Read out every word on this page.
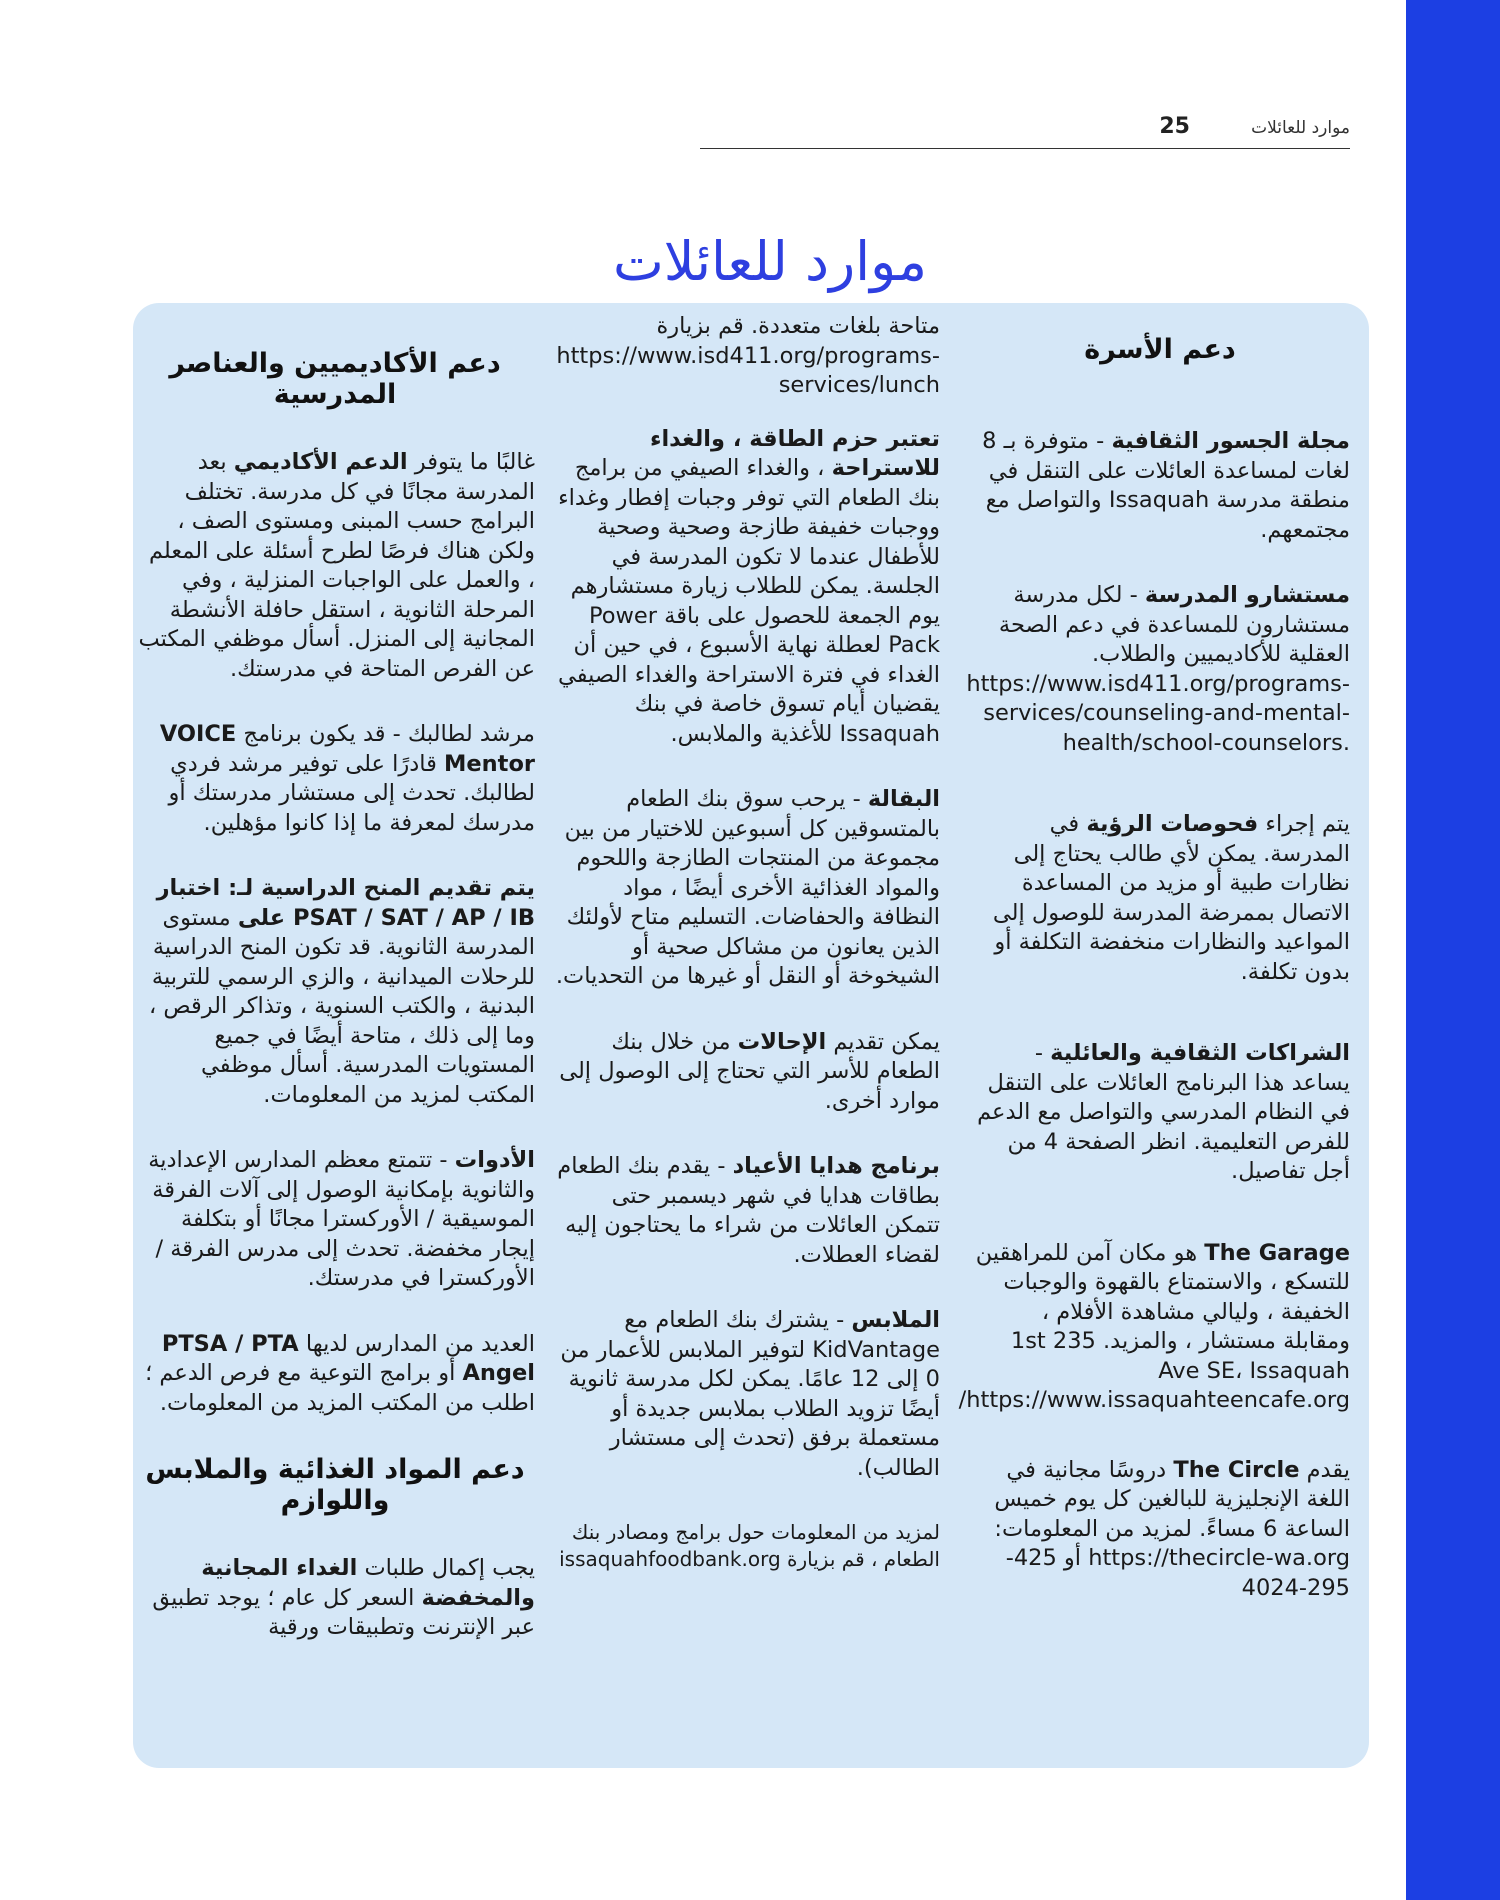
موارد للعائلات
25
موارد للعائلات
دعم الأسرة

مجلة الجسور الثقافية - متوفرة بـ 8 لغات لمساعدة العائلات على التنقل في منطقة مدرسة Issaquah والتواصل مع مجتمعهم.

مستشارو المدرسة - لكل مدرسة مستشارون للمساعدة في دعم الصحة العقلية للأكاديميين والطلاب. https://www.isd411.org/programs-services/counseling-and-mental-health/school-counselors.

يتم إجراء فحوصات الرؤية في المدرسة. يمكن لأي طالب يحتاج إلى نظارات طبية أو مزيد من المساعدة الاتصال بممرضة المدرسة للوصول إلى المواعيد والنظارات منخفضة التكلفة أو بدون تكلفة.

الشراكات الثقافية والعائلية - يساعد هذا البرنامج العائلات على التنقل في النظام المدرسي والتواصل مع الدعم للفرص التعليمية. انظر الصفحة 4 من أجل تفاصيل.

The Garage هو مكان آمن للمراهقين للتسكع ، والاستمتاع بالقهوة والوجبات الخفيفة ، وليالي مشاهدة الأفلام ، ومقابلة مستشار ، والمزيد. 235 1st Ave SE، Issaquah https://www.issaquahteencafe.org/

يقدم The Circle دروسًا مجانية في اللغة الإنجليزية للبالغين كل يوم خميس الساعة 6 مساءً. لمزيد من المعلومات: https://thecircle-wa.org أو 425-295-4024

متاحة بلغات متعددة. قم بزيارة https://www.isd411.org/programs-services/lunch

تعتبر حزم الطاقة ، والغداء للاستراحة ، والغداء الصيفي من برامج بنك الطعام التي توفر وجبات إفطار وغداء ووجبات خفيفة طازجة وصحية وصحية للأطفال عندما لا تكون المدرسة في الجلسة. يمكن للطلاب زيارة مستشارهم يوم الجمعة للحصول على باقة Power Pack لعطلة نهاية الأسبوع ، في حين أن الغداء في فترة الاستراحة والغداء الصيفي يقضيان أيام تسوق خاصة في بنك Issaquah للأغذية والملابس.

البقالة - يرحب سوق بنك الطعام بالمتسوقين كل أسبوعين للاختيار من بين مجموعة من المنتجات الطازجة واللحوم والمواد الغذائية الأخرى أيضًا ، مواد النظافة والحفاضات. التسليم متاح لأولئك الذين يعانون من مشاكل صحية أو الشيخوخة أو النقل أو غيرها من التحديات.

يمكن تقديم الإحالات من خلال بنك الطعام للأسر التي تحتاج إلى الوصول إلى موارد أخرى.

برنامج هدايا الأعياد - يقدم بنك الطعام بطاقات هدايا في شهر ديسمبر حتى تتمكن العائلات من شراء ما يحتاجون إليه لقضاء العطلات.

الملابس - يشترك بنك الطعام مع KidVantage لتوفير الملابس للأعمار من 0 إلى 12 عامًا. يمكن لكل مدرسة ثانوية أيضًا تزويد الطلاب بملابس جديدة أو مستعملة برفق (تحدث إلى مستشار الطالب).

لمزيد من المعلومات حول برامج ومصادر بنك الطعام ، قم بزيارة issaquahfoodbank.org

دعم الأكاديميين والعناصر المدرسية

غالبًا ما يتوفر الدعم الأكاديمي بعد المدرسة مجانًا في كل مدرسة. تختلف البرامج حسب المبنى ومستوى الصف ، ولكن هناك فرصًا لطرح أسئلة على المعلم ، والعمل على الواجبات المنزلية ، وفي المرحلة الثانوية ، استقل حافلة الأنشطة المجانية إلى المنزل. أسأل موظفي المكتب عن الفرص المتاحة في مدرستك.

مرشد لطالبك - قد يكون برنامج VOICE Mentor قادرًا على توفير مرشد فردي لطالبك. تحدث إلى مستشار مدرستك أو مدرسك لمعرفة ما إذا كانوا مؤهلين.

يتم تقديم المنح الدراسية لـ: اختبار PSAT / SAT / AP / IB على مستوى المدرسة الثانوية. قد تكون المنح الدراسية للرحلات الميدانية ، والزي الرسمي للتربية البدنية ، والكتب السنوية ، وتذاكر الرقص ، وما إلى ذلك ، متاحة أيضًا في جميع المستويات المدرسية. أسأل موظفي المكتب لمزيد من المعلومات.

الأدوات - تتمتع معظم المدارس الإعدادية والثانوية بإمكانية الوصول إلى آلات الفرقة الموسيقية / الأوركسترا مجانًا أو بتكلفة إيجار مخفضة. تحدث إلى مدرس الفرقة / الأوركسترا في مدرستك.

العديد من المدارس لديها PTSA / PTA Angel أو برامج التوعية مع فرص الدعم ؛ اطلب من المكتب المزيد من المعلومات.

دعم المواد الغذائية والملابس واللوازم

يجب إكمال طلبات الغداء المجانية والمخفضة السعر كل عام ؛ يوجد تطبيق عبر الإنترنت وتطبيقات ورقية
